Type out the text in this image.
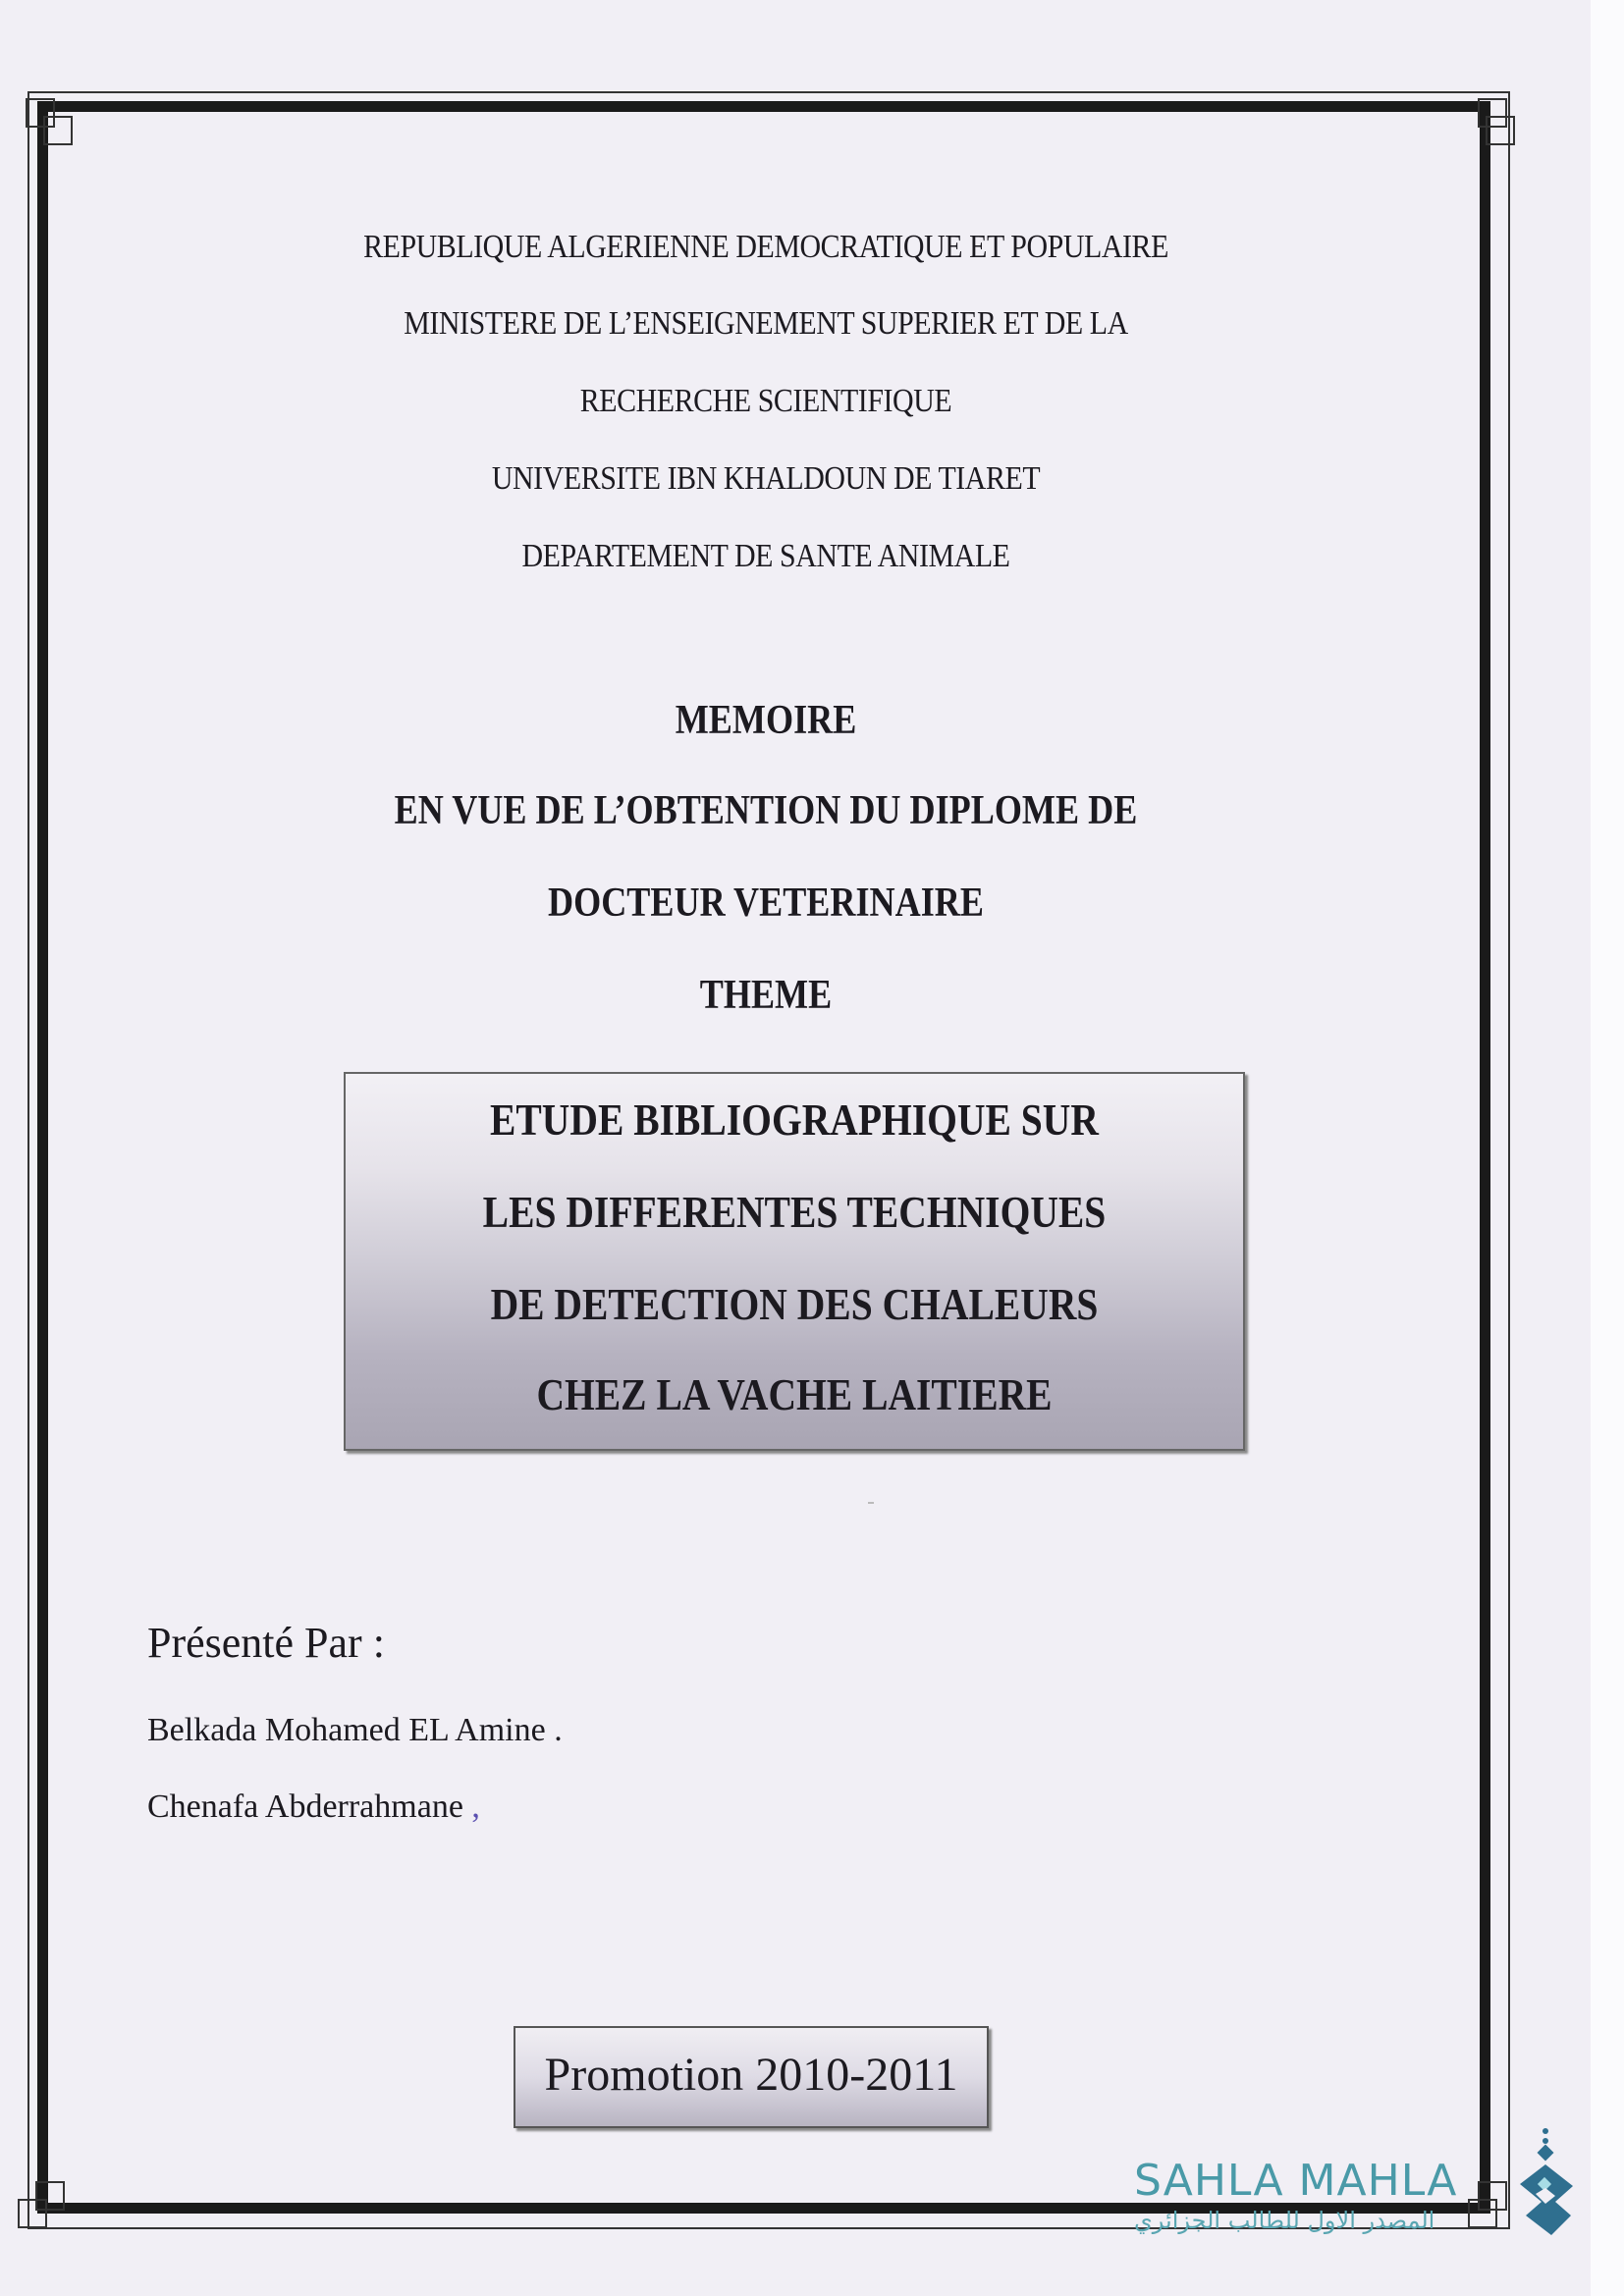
REPUBLIQUE ALGERIENNE DEMOCRATIQUE ET POPULAIRE
MINISTERE DE L’ENSEIGNEMENT SUPERIER ET DE LA
RECHERCHE SCIENTIFIQUE
UNIVERSITE IBN KHALDOUN DE TIARET
DEPARTEMENT DE SANTE ANIMALE
MEMOIRE
EN VUE DE L’OBTENTION DU DIPLOME DE
DOCTEUR VETERINAIRE
THEME
ETUDE BIBLIOGRAPHIQUE SUR
LES DIFFERENTES TECHNIQUES
DE DETECTION DES CHALEURS
CHEZ LA VACHE LAITIERE
Présenté Par :
Belkada Mohamed EL Amine .
Chenafa Abderrahmane ,
Promotion 2010-2011
SAHLA MAHLA
المصدر الاول للطالب الجزائري
